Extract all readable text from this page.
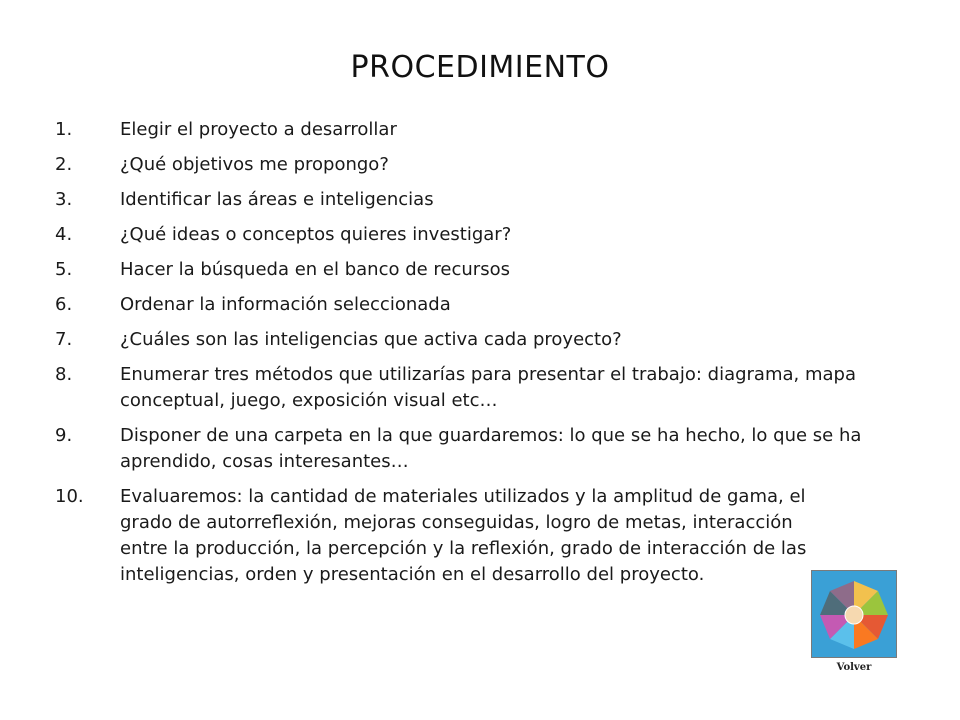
PROCEDIMIENTO
1.	Elegir el proyecto a desarrollar
2.	¿Qué objetivos me propongo?
3.	Identificar las áreas e inteligencias
4.	¿Qué ideas o conceptos quieres investigar?
5.	Hacer la búsqueda en el banco de recursos
6.	Ordenar la información seleccionada
7.	¿Cuáles son las inteligencias que activa cada proyecto?
8.	Enumerar tres métodos que utilizarías para presentar el trabajo: diagrama, mapa conceptual, juego, exposición visual etc…
9.	Disponer de una carpeta en la que guardaremos: lo que se ha hecho, lo que se ha aprendido, cosas interesantes…
10.	Evaluaremos: la cantidad de materiales utilizados y la amplitud de gama, el grado de autorreflexión, mejoras conseguidas, logro de metas, interacción entre la producción, la percepción y la reflexión, grado de interacción de las inteligencias, orden y presentación en el desarrollo del proyecto.
Volver
